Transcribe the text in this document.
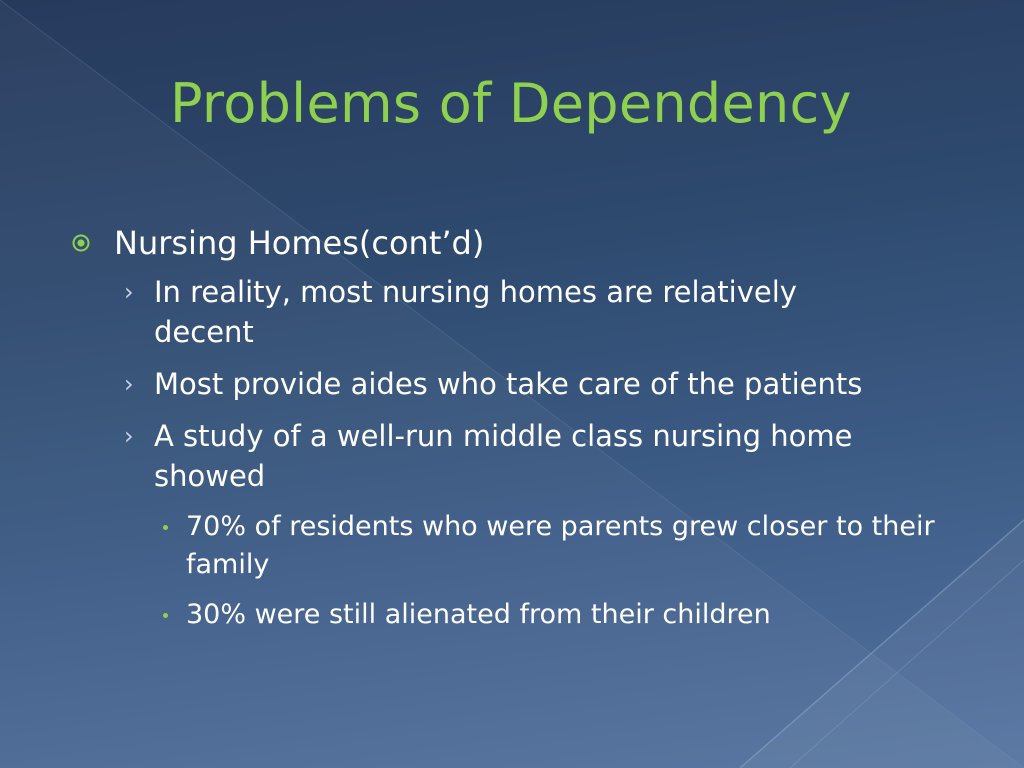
Problems of Dependency
Nursing Homes(cont’d)
› In reality, most nursing homes are relatively decent
› Most provide aides who take care of the patients
› A study of a well-run middle class nursing home showed
70% of residents who were parents grew closer to their family
30% were still alienated from their children
